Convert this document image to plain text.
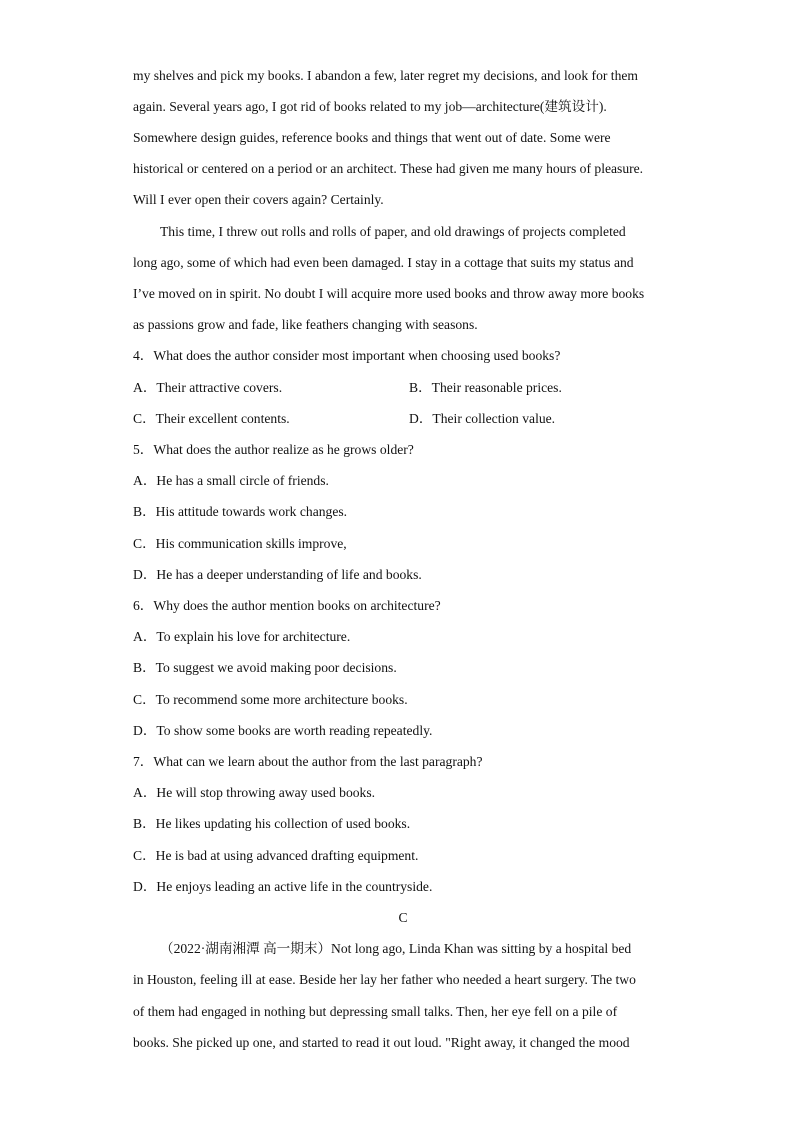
my shelves and pick my books. I abandon a few, later regret my decisions, and look for them
again. Several years ago, I got rid of books related to my job—architecture(建筑设计).
Somewhere design guides, reference books and things that went out of date. Some were
historical or centered on a period or an architect. These had given me many hours of pleasure.
Will I ever open their covers again? Certainly.
This time, I threw out rolls and rolls of paper, and old drawings of projects completed
long ago, some of which had even been damaged. I stay in a cottage that suits my status and
I’ve moved on in spirit. No doubt I will acquire more used books and throw away more books
as passions grow and fade, like feathers changing with seasons.
4．What does the author consider most important when choosing used books?
A．Their attractive covers.	B．Their reasonable prices.
C．Their excellent contents.	D．Their collection value.
5．What does the author realize as he grows older?
A．He has a small circle of friends.
B．His attitude towards work changes.
C．His communication skills improve,
D．He has a deeper understanding of life and books.
6．Why does the author mention books on architecture?
A．To explain his love for architecture.
B．To suggest we avoid making poor decisions.
C．To recommend some more architecture books.
D．To show some books are worth reading repeatedly.
7．What can we learn about the author from the last paragraph?
A．He will stop throwing away used books.
B．He likes updating his collection of used books.
C．He is bad at using advanced drafting equipment.
D．He enjoys leading an active life in the countryside.
C
（2022·湖南湘潭 高一期末）Not long ago, Linda Khan was sitting by a hospital bed
in Houston, feeling ill at ease. Beside her lay her father who needed a heart surgery. The two
of them had engaged in nothing but depressing small talks. Then, her eye fell on a pile of
books. She picked up one, and started to read it out loud. "Right away, it changed the mood
